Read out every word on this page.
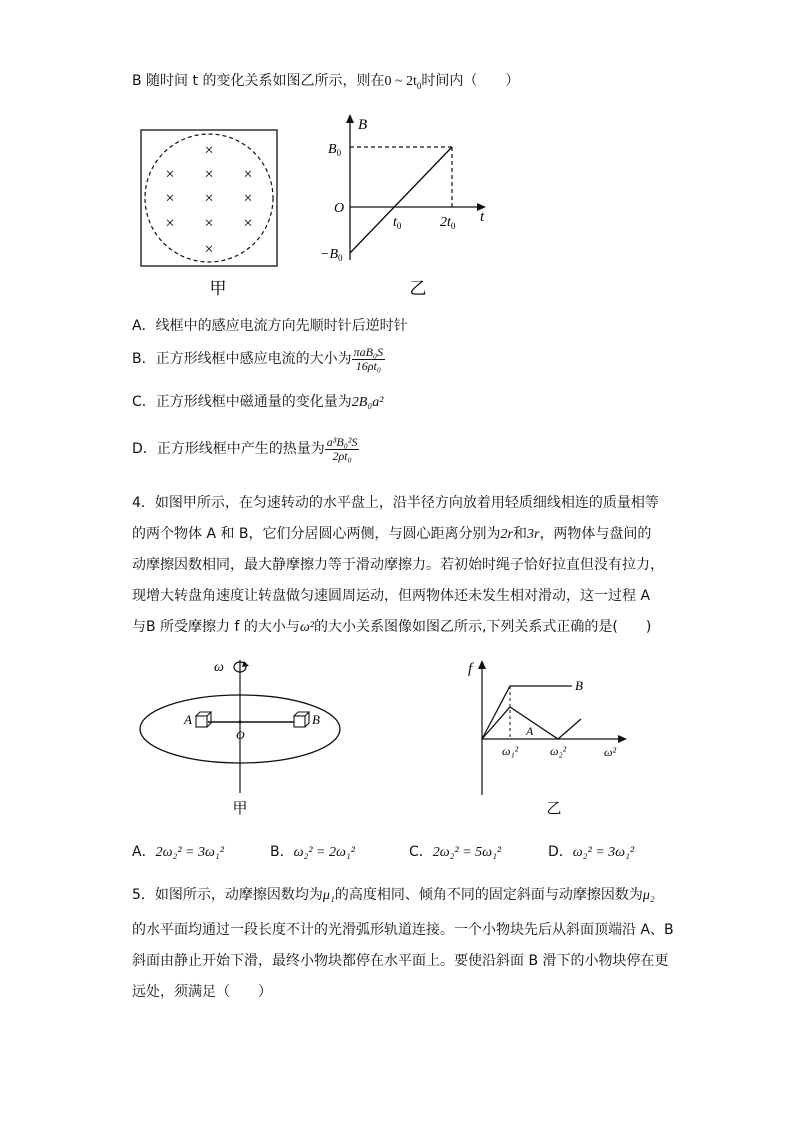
B 随时间 t 的变化关系如图乙所示，则在0 ~ $2t_0$时间内（　　）
×
× × ×
× × ×
× × ×
×
甲
B
$B_0$
O
$-B_0$
$t_0$	$2t_0$
t
乙
A．线框中的感应电流方向先顺时针后逆时针
B．正方形线框中感应电流的大小为 $\frac{\text{πaB₀S}}{\text{16ρt₀}}$
C．正方形线框中磁通量的变化量为2B₀a²
D．正方形线框中产生的热量为 $\frac{\text{a³B₀²S}}{\text{2ρt₀}}$
4．如图甲所示，在匀速转动的水平盘上，沿半径方向放着用轻质细线相连的质量相等
的两个物体 A 和 B，它们分居圆心两侧，与圆心距离分别为2r和3r，两物体与盘间的
动摩擦因数相同，最大静摩擦力等于滑动摩擦力。若初始时绳子恰好拉直但没有拉力，
现增大转盘角速度让转盘做匀速圆周运动，但两物体还未发生相对滑动，这一过程 A
与B 所受摩擦力 f 的大小与ω²的大小关系图像如图乙所示,下列关系式正确的是(　　)
ω
A	B
O
甲
f
B
A
ω₁²	ω₂²	ω²
乙
A．2ω₂² = 3ω₁²	B．ω₂² = 2ω₁²	C．2ω₂² = 5ω₁²	D．ω₂² = 3ω₁²
5．如图所示，动摩擦因数均为μ₁的高度相同、倾角不同的固定斜面与动摩擦因数为μ₂
的水平面均通过一段长度不计的光滑弧形轨道连接。一个小物块先后从斜面顶端沿 A、B
斜面由静止开始下滑，最终小物块都停在水平面上。要使沿斜面 B 滑下的小物块停在更
远处，须满足（　　）
